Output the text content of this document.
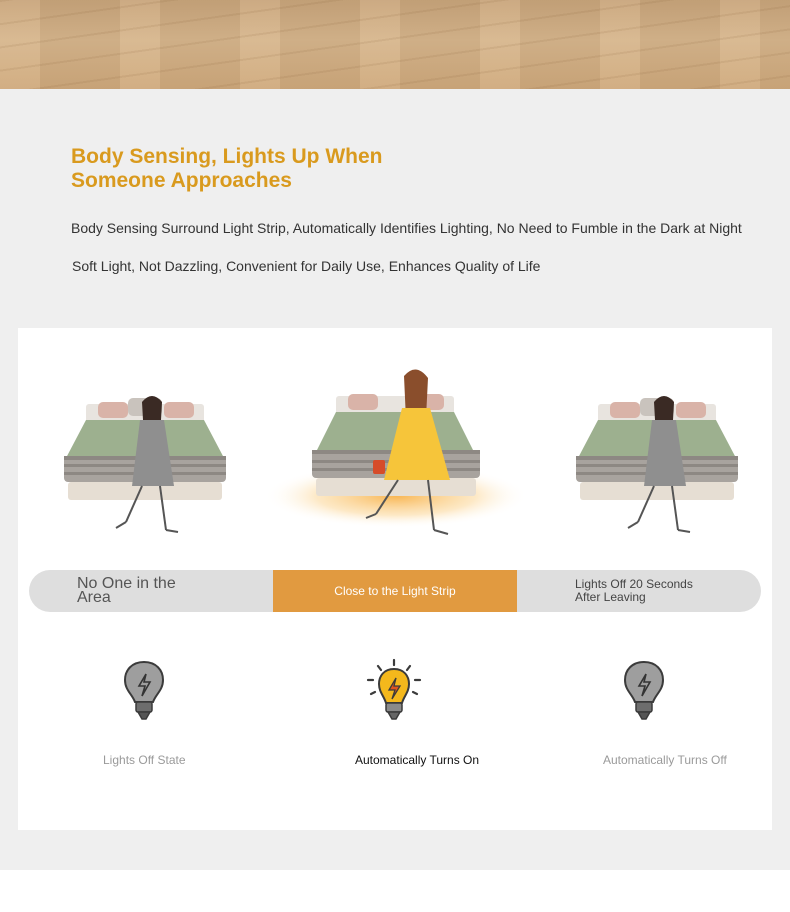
Body Sensing, Lights Up When
Someone Approaches
Body Sensing Surround Light Strip, Automatically Identifies Lighting, No Need to Fumble in the Dark at Night
Soft Light, Not Dazzling, Convenient for Daily Use, Enhances Quality of Life
No One in the
Area	Close to the Light Strip	Lights Off 20 Seconds
After Leaving
Lights Off State	Automatically Turns On	Automatically Turns Off
